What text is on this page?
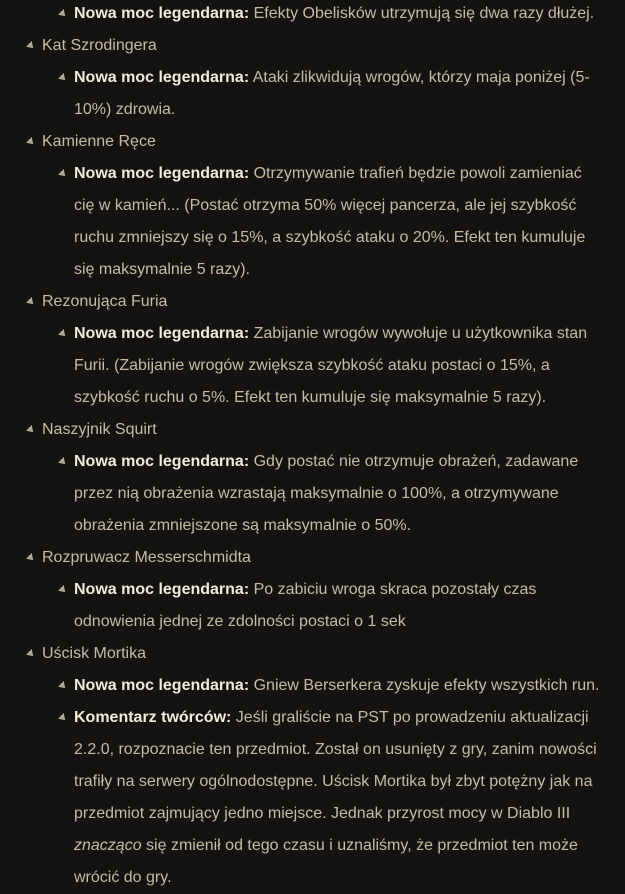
Nowa moc legendarna: Efekty Obelisków utrzymują się dwa razy dłużej.
Kat Szrodingera
Nowa moc legendarna: Ataki zlikwidują wrogów, którzy maja poniżej (5-10%) zdrowia.
Kamienne Ręce
Nowa moc legendarna: Otrzymywanie trafień będzie powoli zamieniać cię w kamień... (Postać otrzyma 50% więcej pancerza, ale jej szybkość ruchu zmniejszy się o 15%, a szybkość ataku o 20%. Efekt ten kumuluje się maksymalnie 5 razy).
Rezonująca Furia
Nowa moc legendarna: Zabijanie wrogów wywołuje u użytkownika stan Furii. (Zabijanie wrogów zwiększa szybkość ataku postaci o 15%, a szybkość ruchu o 5%. Efekt ten kumuluje się maksymalnie 5 razy).
Naszyjnik Squirt
Nowa moc legendarna: Gdy postać nie otrzymuje obrażeń, zadawane przez nią obrażenia wzrastają maksymalnie o 100%, a otrzymywane obrażenia zmniejszone są maksymalnie o 50%.
Rozpruwacz Messerschmidta
Nowa moc legendarna: Po zabiciu wroga skraca pozostały czas odnowienia jednej ze zdolności postaci o 1 sek
Uścisk Mortika
Nowa moc legendarna: Gniew Berserkera zyskuje efekty wszystkich run.
Komentarz twórców: Jeśli graliście na PST po prowadzeniu aktualizacji 2.2.0, rozpoznacie ten przedmiot. Został on usunięty z gry, zanim nowości trafiły na serwery ogólnodostępne. Uścisk Mortika był zbyt potężny jak na przedmiot zajmujący jedno miejsce. Jednak przyrost mocy w Diablo III znacząco się zmienił od tego czasu i uznaliśmy, że przedmiot ten może wrócić do gry.
